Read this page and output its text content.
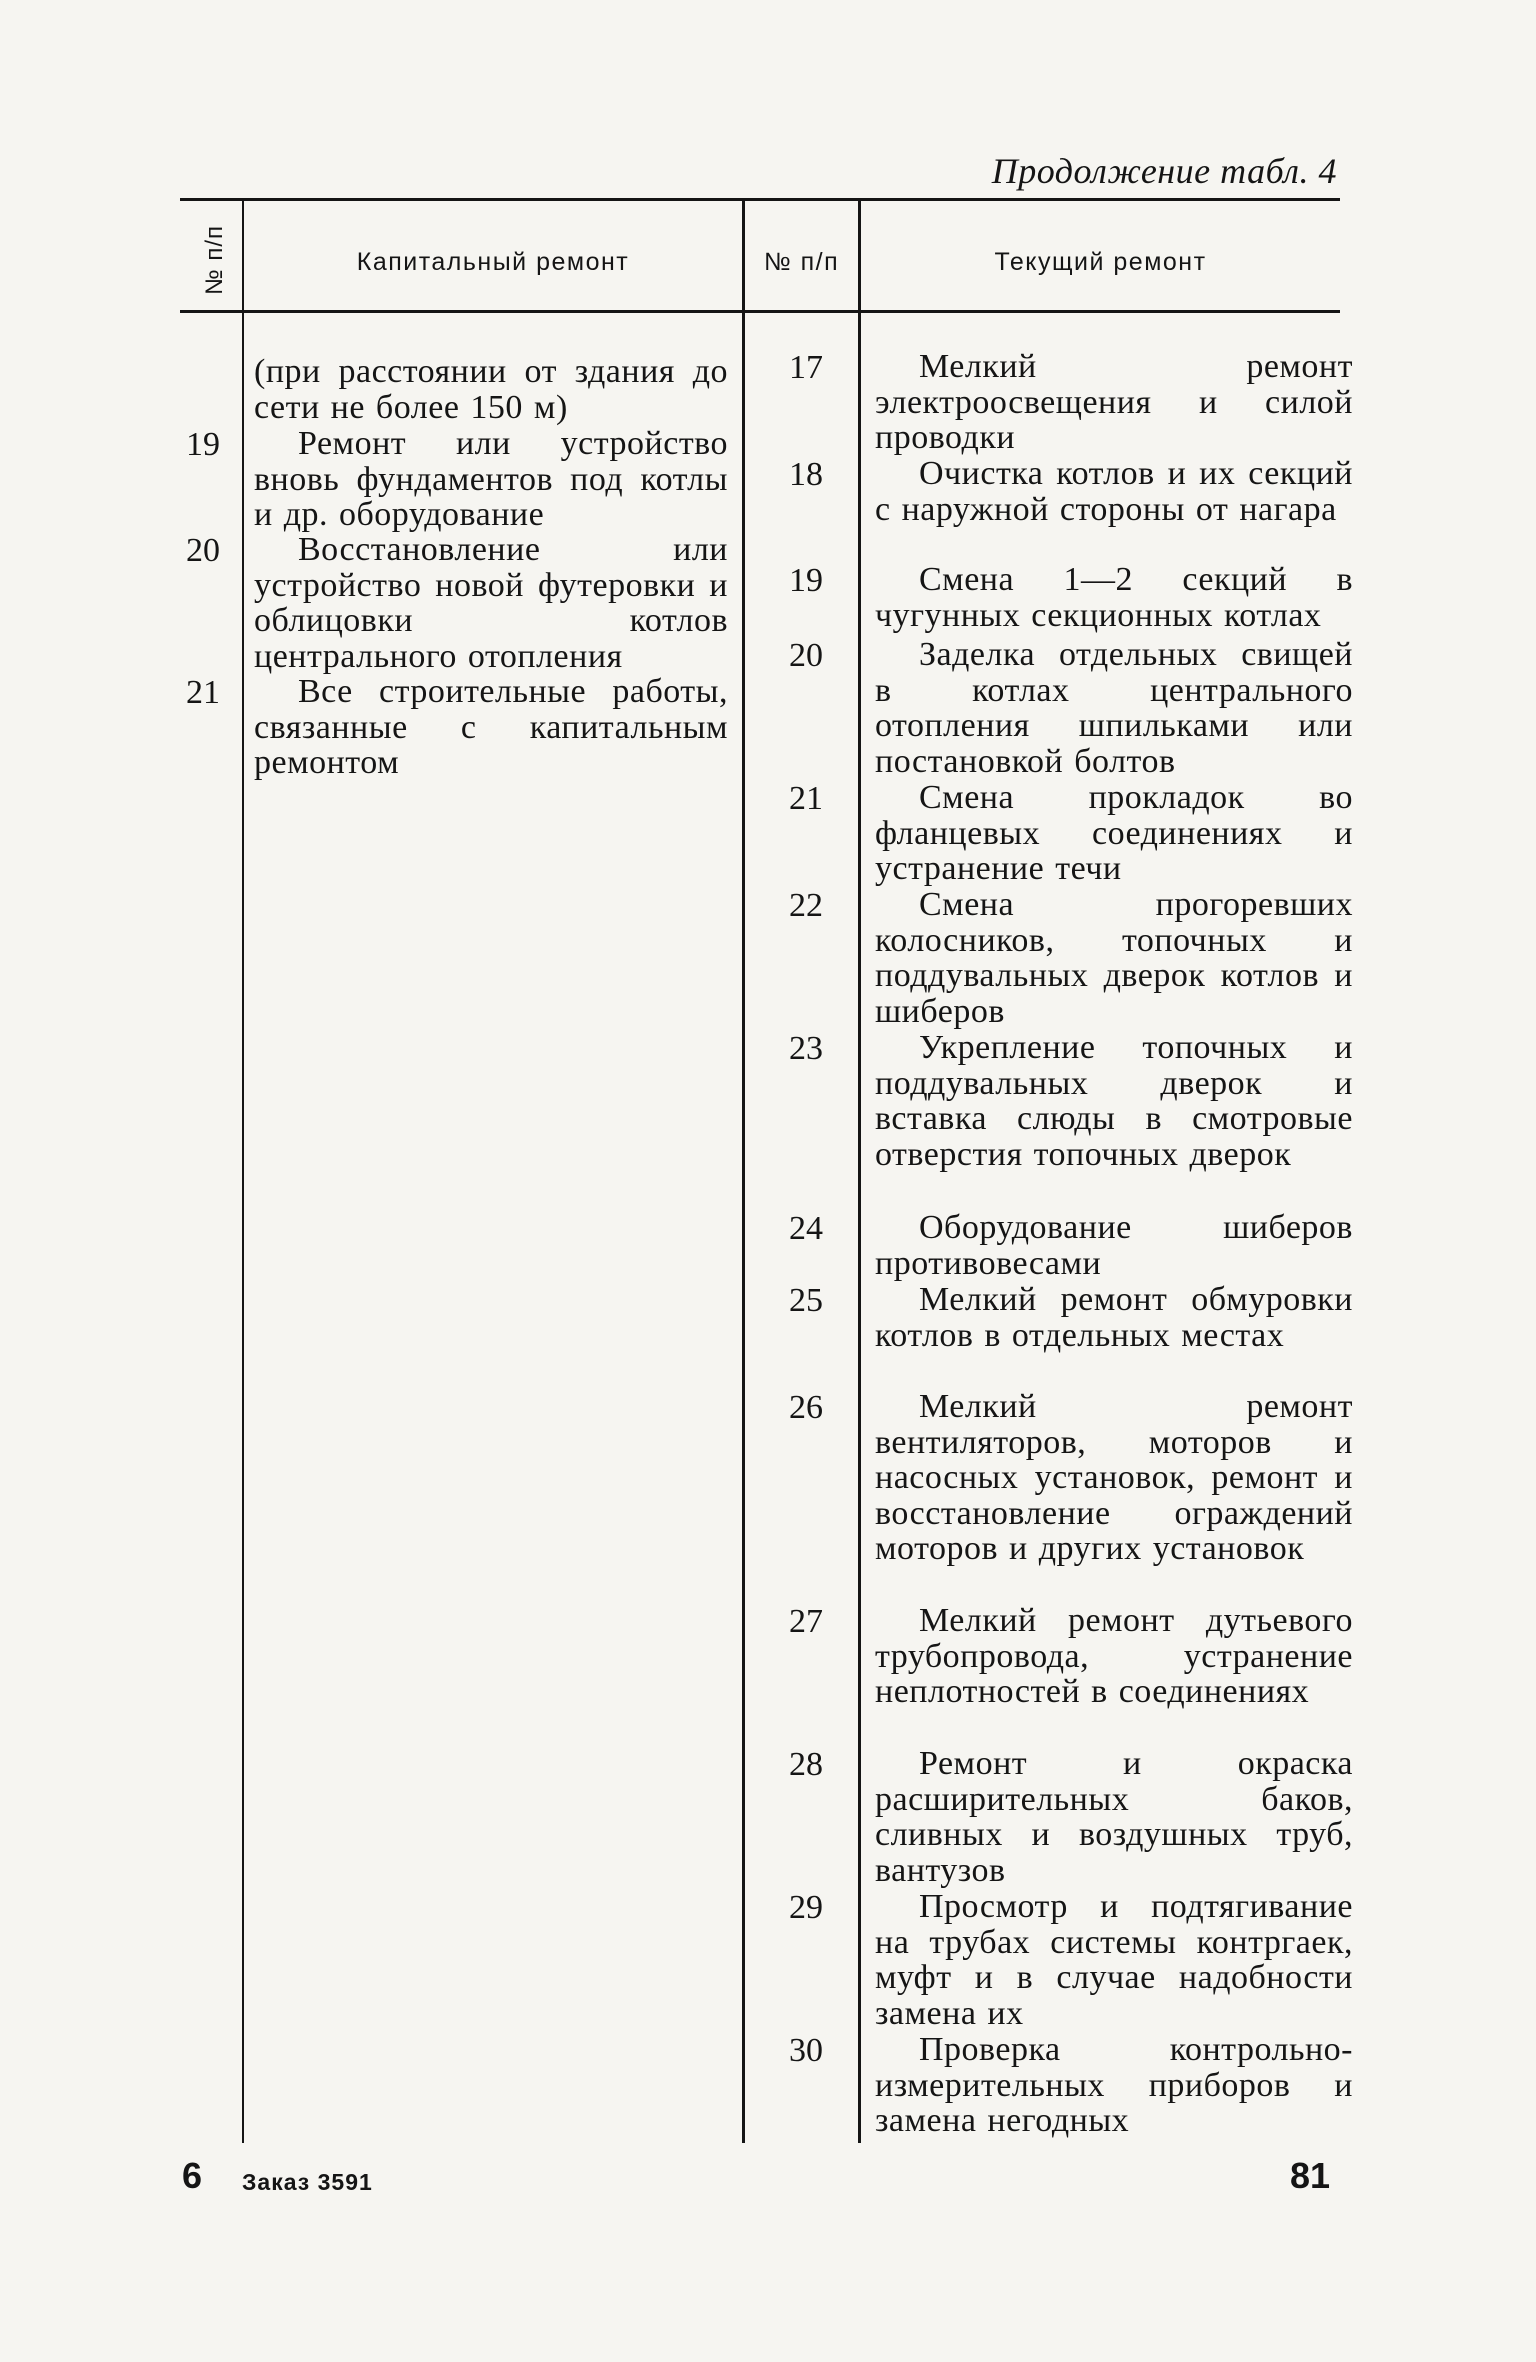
Продолжение табл. 4
№ п/п	Капитальный ремонт	№ п/п	Текущий ремонт
(при расстоянии от здания до сети не более 150 м)
19	Ремонт или устройство вновь фундаментов под котлы и др. оборудование
20	Восстановление или устройство новой футеровки и облицовки котлов центрального отопления
21	Все строительные работы, связанные с капитальным ремонтом
17	Мелкий ремонт электроосвещения и силой проводки
18	Очистка котлов и их секций с наружной стороны от нагара
19	Смена 1—2 секций в чугунных секционных котлах
20	Заделка отдельных свищей в котлах центрального отопления шпильками или постановкой болтов
21	Смена прокладок во фланцевых соединениях и устранение течи
22	Смена прогоревших колосников, топочных и поддувальных дверок котлов и шиберов
23	Укрепление топочных и поддувальных дверок и вставка слюды в смотровые отверстия топочных дверок
24	Оборудование шиберов противовесами
25	Мелкий ремонт обмуровки котлов в отдельных местах
26	Мелкий ремонт вентиляторов, моторов и насосных установок, ремонт и восстановление ограждений моторов и других установок
27	Мелкий ремонт дутьевого трубопровода, устранение неплотностей в соединениях
28	Ремонт и окраска расширительных баков, сливных и воздушных труб, вантузов
29	Просмотр и подтягивание на трубах системы контргаек, муфт и в случае надобности замена их
30	Проверка контрольно-измерительных приборов и замена негодных
6 Заказ 3591	81
